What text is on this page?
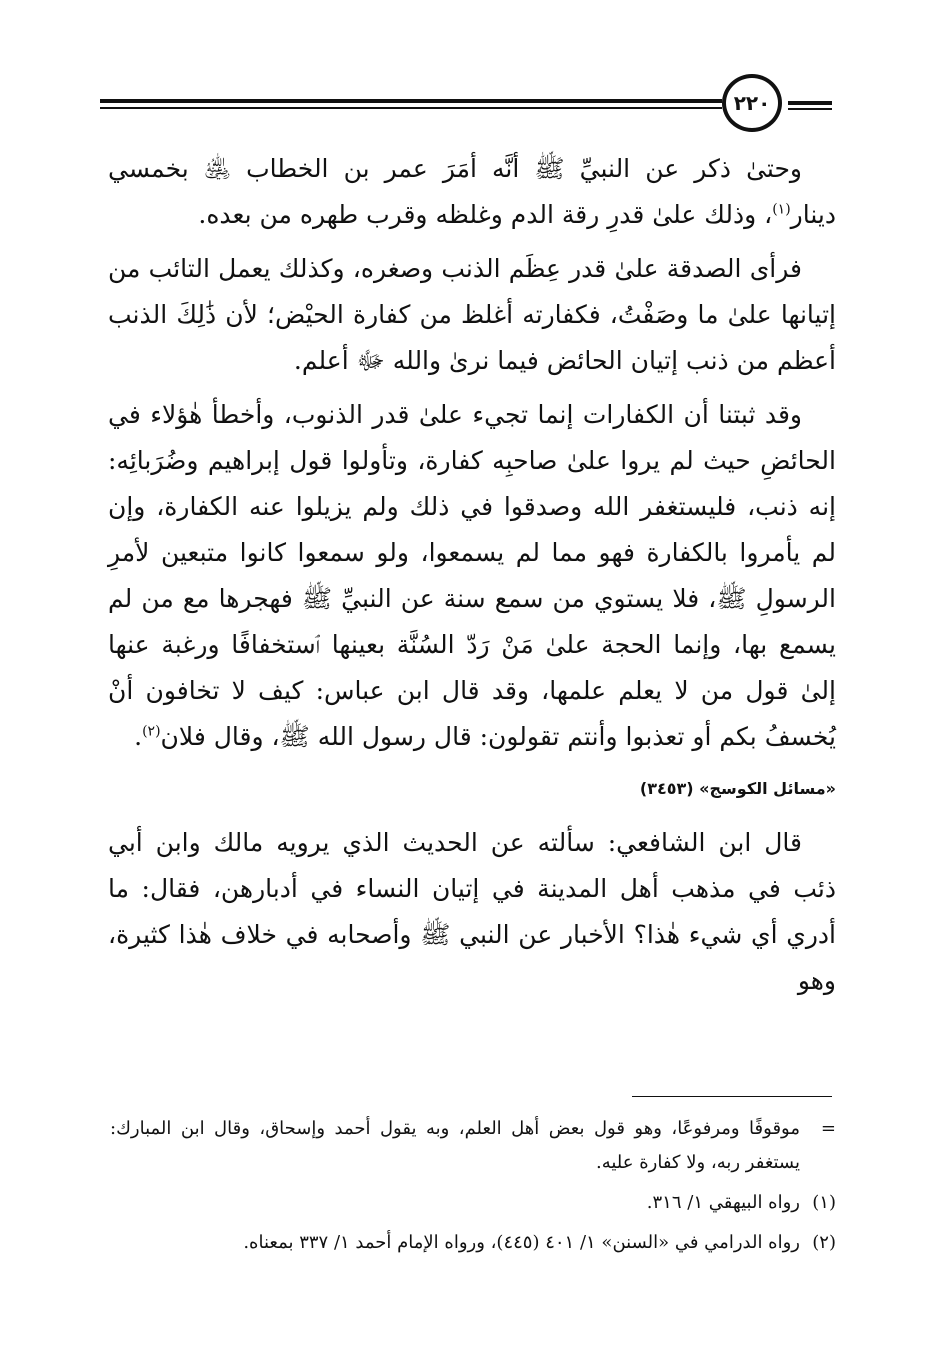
٢٢٠

وحتىٰ ذكر عن النبيِّ ﷺ أنَّه أمَرَ عمر بن الخطاب ﵁ بخمسي دينار$^{(١)}$، وذلك علىٰ قدرِ رقة الدم وغلظه وقرب طهره من بعده.

فرأى الصدقة علىٰ قدر عِظَم الذنب وصغره، وكذلك يعمل التائب من إتيانها علىٰ ما وصَفْتُ، فكفارته أغلظ من كفارة الحيْض؛ لأن ذَٰلِكَ الذنب أعظم من ذنب إتيان الحائض فيما نرىٰ والله ﷻ أعلم.

وقد ثبتنا أن الكفارات إنما تجيء علىٰ قدر الذنوب، وأخطأ هٰؤلاء في الحائضِ حيث لم يروا علىٰ صاحبِه كفارة، وتأولوا قول إبراهيم وضُرَبائِه: إنه ذنب، فليستغفر الله وصدقوا في ذلك ولم يزيلوا عنه الكفارة، وإن لم يأمروا بالكفارة فهو مما لم يسمعوا، ولو سمعوا كانوا متبعين لأمرِ الرسولِ ﷺ، فلا يستوي من سمع سنة عن النبيِّ ﷺ فهجرها مع من لم يسمع بها، وإنما الحجة علىٰ مَنْ رَدّ السُنَّة بعينها ٱستخفافًا ورغبة عنها إلىٰ قول من لا يعلم علمها، وقد قال ابن عباس: كيف لا تخافون أنْ يُخسفُ بكم أو تعذبوا وأنتم تقولون: قال رسول الله ﷺ، وقال فلان$^{(٢)}$.

«مسائل الكوسج» (٣٤٥٣)

قال ابن الشافعي: سألته عن الحديث الذي يرويه مالك وابن أبي ذئب في مذهب أهل المدينة في إتيان النساء في أدبارهن، فقال: ما أدري أي شيء هٰذا؟ الأخبار عن النبي ﷺ وأصحابه في خلاف هٰذا كثيرة، وهو

=
موقوفًا ومرفوعًا، وهو قول بعض أهل العلم، وبه يقول أحمد وإسحاق، وقال ابن المبارك: يستغفر ربه، ولا كفارة عليه.
(١)
رواه البيهقي ١/ ٣١٦.
(٢)
رواه الدرامي في «السنن» ١/ ٤٠١ (٤٤٥)، ورواه الإمام أحمد ١/ ٣٣٧ بمعناه.
